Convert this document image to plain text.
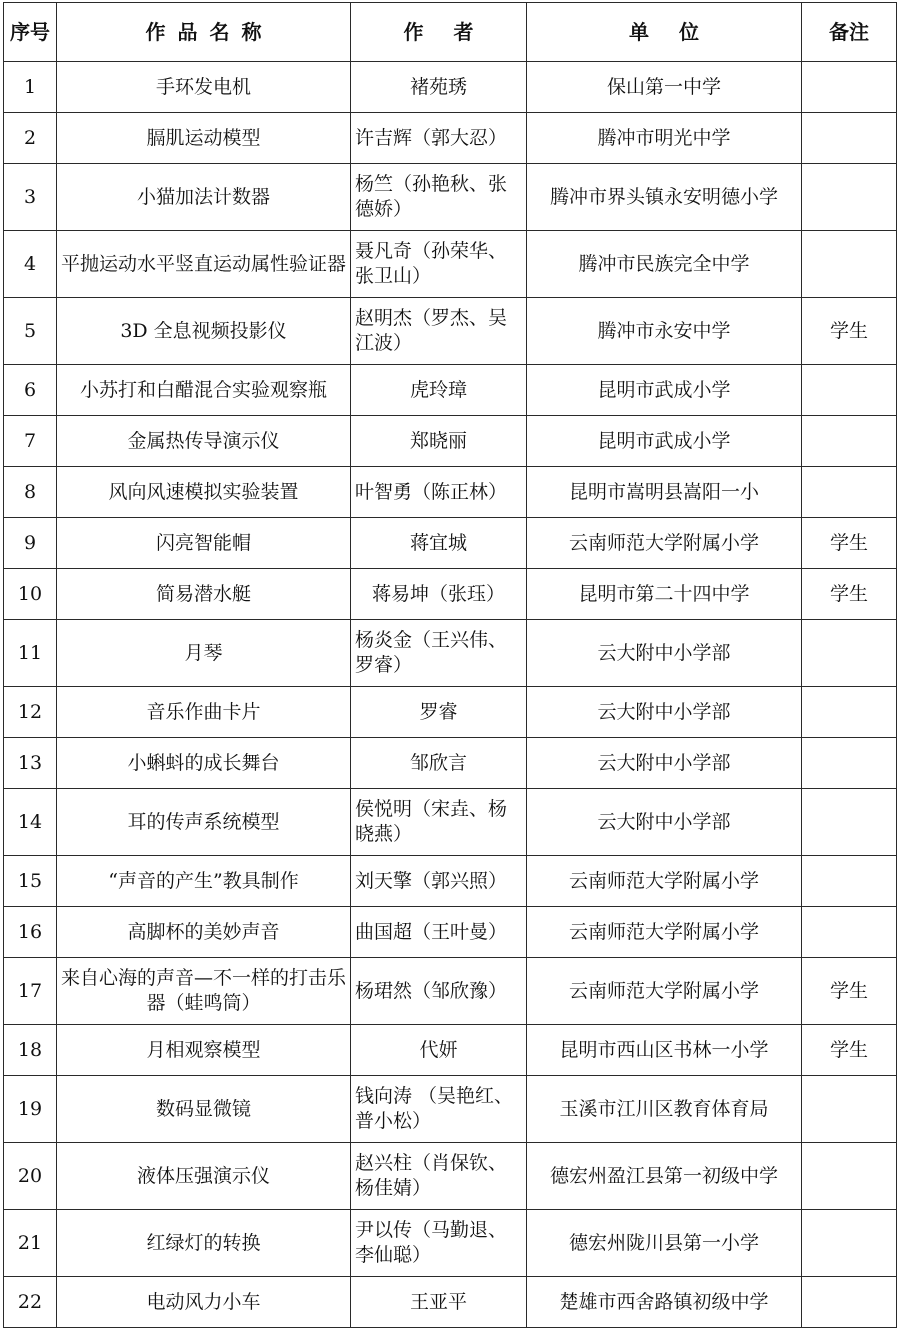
序号	作品名称	作者	单位	备注
1	手环发电机	褚苑琇	保山第一中学	
2	膈肌运动模型	许吉辉（郭大忍）	腾冲市明光中学	
3	小猫加法计数器	杨竺（孙艳秋、张德娇）	腾冲市界头镇永安明德小学	
4	平抛运动水平竖直运动属性验证器	聂凡奇（孙荣华、张卫山）	腾冲市民族完全中学	
5	3D 全息视频投影仪	赵明杰（罗杰、吴江波）	腾冲市永安中学	学生
6	小苏打和白醋混合实验观察瓶	虎玲璋	昆明市武成小学	
7	金属热传导演示仪	郑晓丽	昆明市武成小学	
8	风向风速模拟实验装置	叶智勇（陈正林）	昆明市嵩明县嵩阳一小	
9	闪亮智能帽	蒋宜城	云南师范大学附属小学	学生
10	简易潜水艇	蒋易坤（张珏）	昆明市第二十四中学	学生
11	月琴	杨炎金（王兴伟、罗睿）	云大附中小学部	
12	音乐作曲卡片	罗睿	云大附中小学部	
13	小蝌蚪的成长舞台	邹欣言	云大附中小学部	
14	耳的传声系统模型	侯悦明（宋垚、杨晓燕）	云大附中小学部	
15	“声音的产生”教具制作	刘天擎（郭兴照）	云南师范大学附属小学	
16	高脚杯的美妙声音	曲国超（王叶曼）	云南师范大学附属小学	
17	来自心海的声音—不一样的打击乐器（蛙鸣筒）	杨珺然（邹欣豫）	云南师范大学附属小学	学生
18	月相观察模型	代妍	昆明市西山区书林一小学	学生
19	数码显微镜	钱向涛 （吴艳红、普小松）	玉溪市江川区教育体育局	
20	液体压强演示仪	赵兴柱（肖保钦、杨佳婧）	德宏州盈江县第一初级中学	
21	红绿灯的转换	尹以传（马勤退、李仙聪）	德宏州陇川县第一小学	
22	电动风力小车	王亚平	楚雄市西舍路镇初级中学	
